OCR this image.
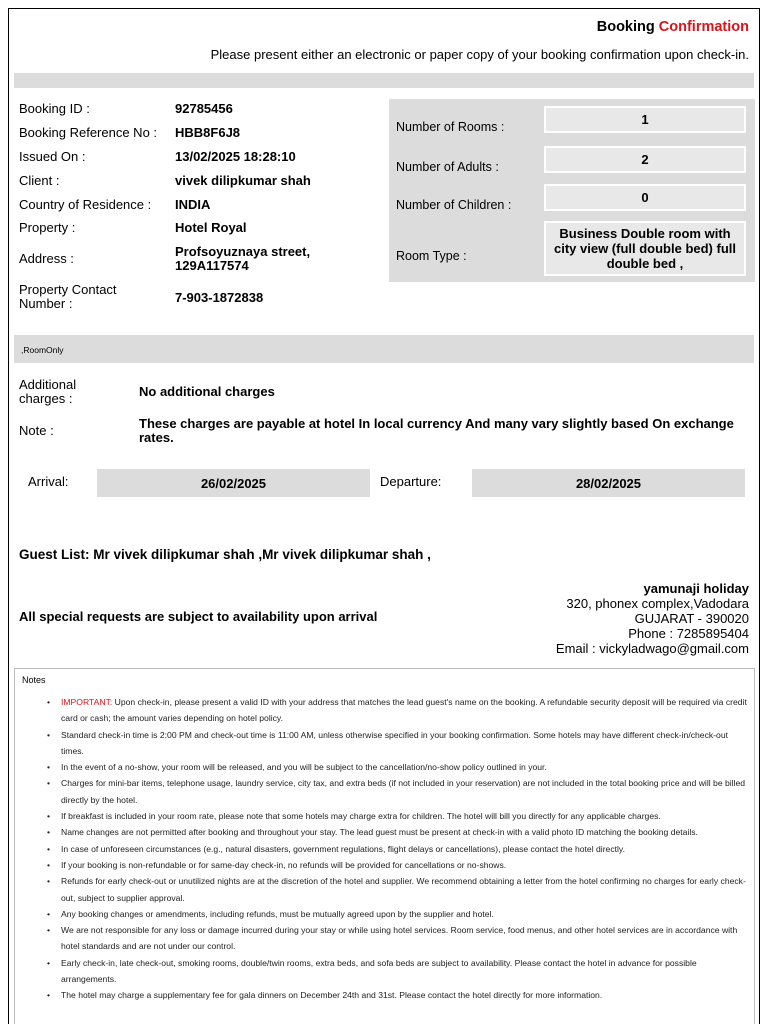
Booking Confirmation
Please present either an electronic or paper copy of your booking confirmation upon check-in.
Booking ID :	92785456
Booking Reference No : HBB8F6J8
Issued On :	13/02/2025 18:28:10
Client :	vivek dilipkumar shah
Country of Residence : INDIA
Property :	Hotel Royal
Address :	Profsoyuznaya street, 129A117574
Property Contact Number :	7-903-1872838
Number of Rooms :	1
Number of Adults :	2
Number of Children :	0
Room Type :
Business Double room with city view (full double bed) full double bed ,
,RoomOnly
Additional charges :	No additional charges
Note :	These charges are payable at hotel In local currency And many vary slightly based On exchange rates.
Arrival:	26/02/2025	Departure:	28/02/2025
Guest List: Mr vivek dilipkumar shah ,Mr vivek dilipkumar shah ,
yamunaji holiday
320, phonex complex,Vadodara
GUJARAT - 390020
Phone : 7285895404
Email : vickyladwago@gmail.com
All special requests are subject to availability upon arrival
Notes
• IMPORTANT: Upon check-in, please present a valid ID with your address that matches the lead guest's name on the booking. A refundable security deposit will be required via credit card or cash; the amount varies depending on hotel policy.
• Standard check-in time is 2:00 PM and check-out time is 11:00 AM, unless otherwise specified in your booking confirmation. Some hotels may have different check-in/check-out times.
• In the event of a no-show, your room will be released, and you will be subject to the cancellation/no-show policy outlined in your.
• Charges for mini-bar items, telephone usage, laundry service, city tax, and extra beds (if not included in your reservation) are not included in the total booking price and will be billed directly by the hotel.
• If breakfast is included in your room rate, please note that some hotels may charge extra for children. The hotel will bill you directly for any applicable charges.
• Name changes are not permitted after booking and throughout your stay. The lead guest must be present at check-in with a valid photo ID matching the booking details.
• In case of unforeseen circumstances (e.g., natural disasters, government regulations, flight delays or cancellations), please contact the hotel directly.
• If your booking is non-refundable or for same-day check-in, no refunds will be provided for cancellations or no-shows.
• Refunds for early check-out or unutilized nights are at the discretion of the hotel and supplier. We recommend obtaining a letter from the hotel confirming no charges for early check-out, subject to supplier approval.
• Any booking changes or amendments, including refunds, must be mutually agreed upon by the supplier and hotel.
• We are not responsible for any loss or damage incurred during your stay or while using hotel services. Room service, food menus, and other hotel services are in accordance with hotel standards and are not under our control.
• Early check-in, late check-out, smoking rooms, double/twin rooms, extra beds, and sofa beds are subject to availability. Please contact the hotel in advance for possible arrangements.
• The hotel may charge a supplementary fee for gala dinners on December 24th and 31st. Please contact the hotel directly for more information.
